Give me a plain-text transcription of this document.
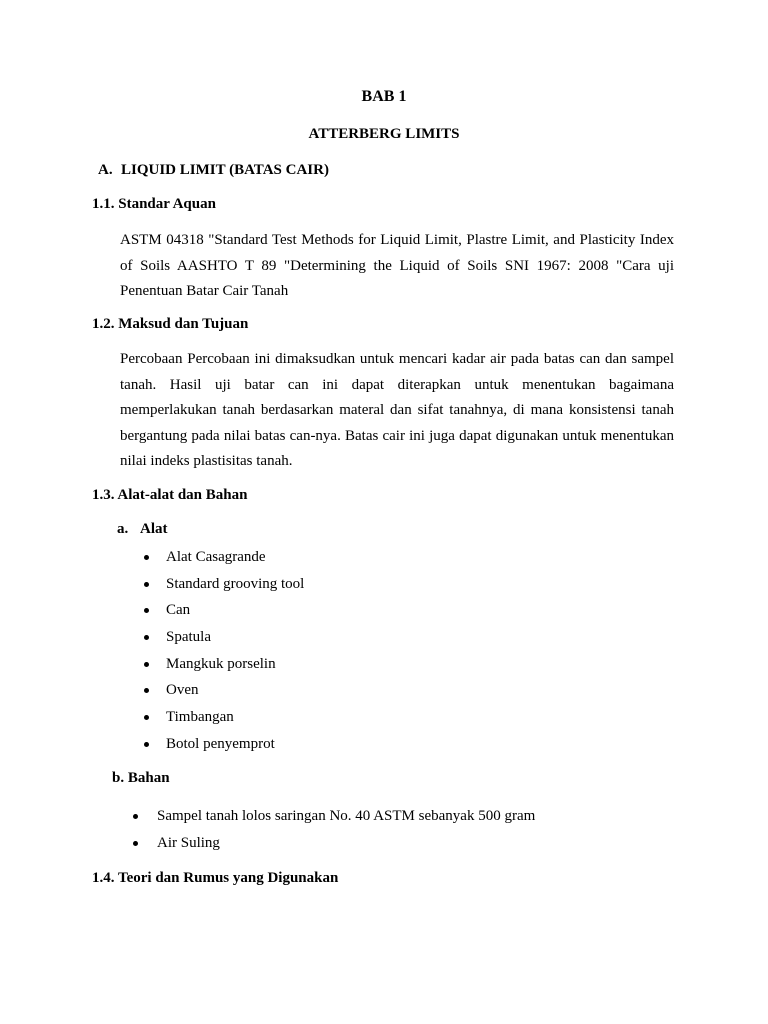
BAB 1
ATTERBERG LIMITS
A. LIQUID LIMIT (BATAS CAIR)
1.1. Standar Aquan
ASTM 04318 "Standard Test Methods for Liquid Limit, Plastre Limit, and Plasticity Index of Soils AASHTO T 89 "Determining the Liquid of Soils SNI 1967: 2008 "Cara uji Penentuan Batar Cair Tanah
1.2. Maksud dan Tujuan
Percobaan Percobaan ini dimaksudkan untuk mencari kadar air pada batas can dan sampel tanah. Hasil uji batar can ini dapat diterapkan untuk menentukan bagaimana memperlakukan tanah berdasarkan materal dan sifat tanahnya, di mana konsistensi tanah bergantung pada nilai batas can-nya. Batas cair ini juga dapat digunakan untuk menentukan nilai indeks plastisitas tanah.
1.3. Alat-alat dan Bahan
a. Alat
Alat Casagrande
Standard grooving tool
Can
Spatula
Mangkuk porselin
Oven
Timbangan
Botol penyemprot
b. Bahan
Sampel tanah lolos saringan No. 40 ASTM sebanyak 500 gram
Air Suling
1.4. Teori dan Rumus yang Digunakan
